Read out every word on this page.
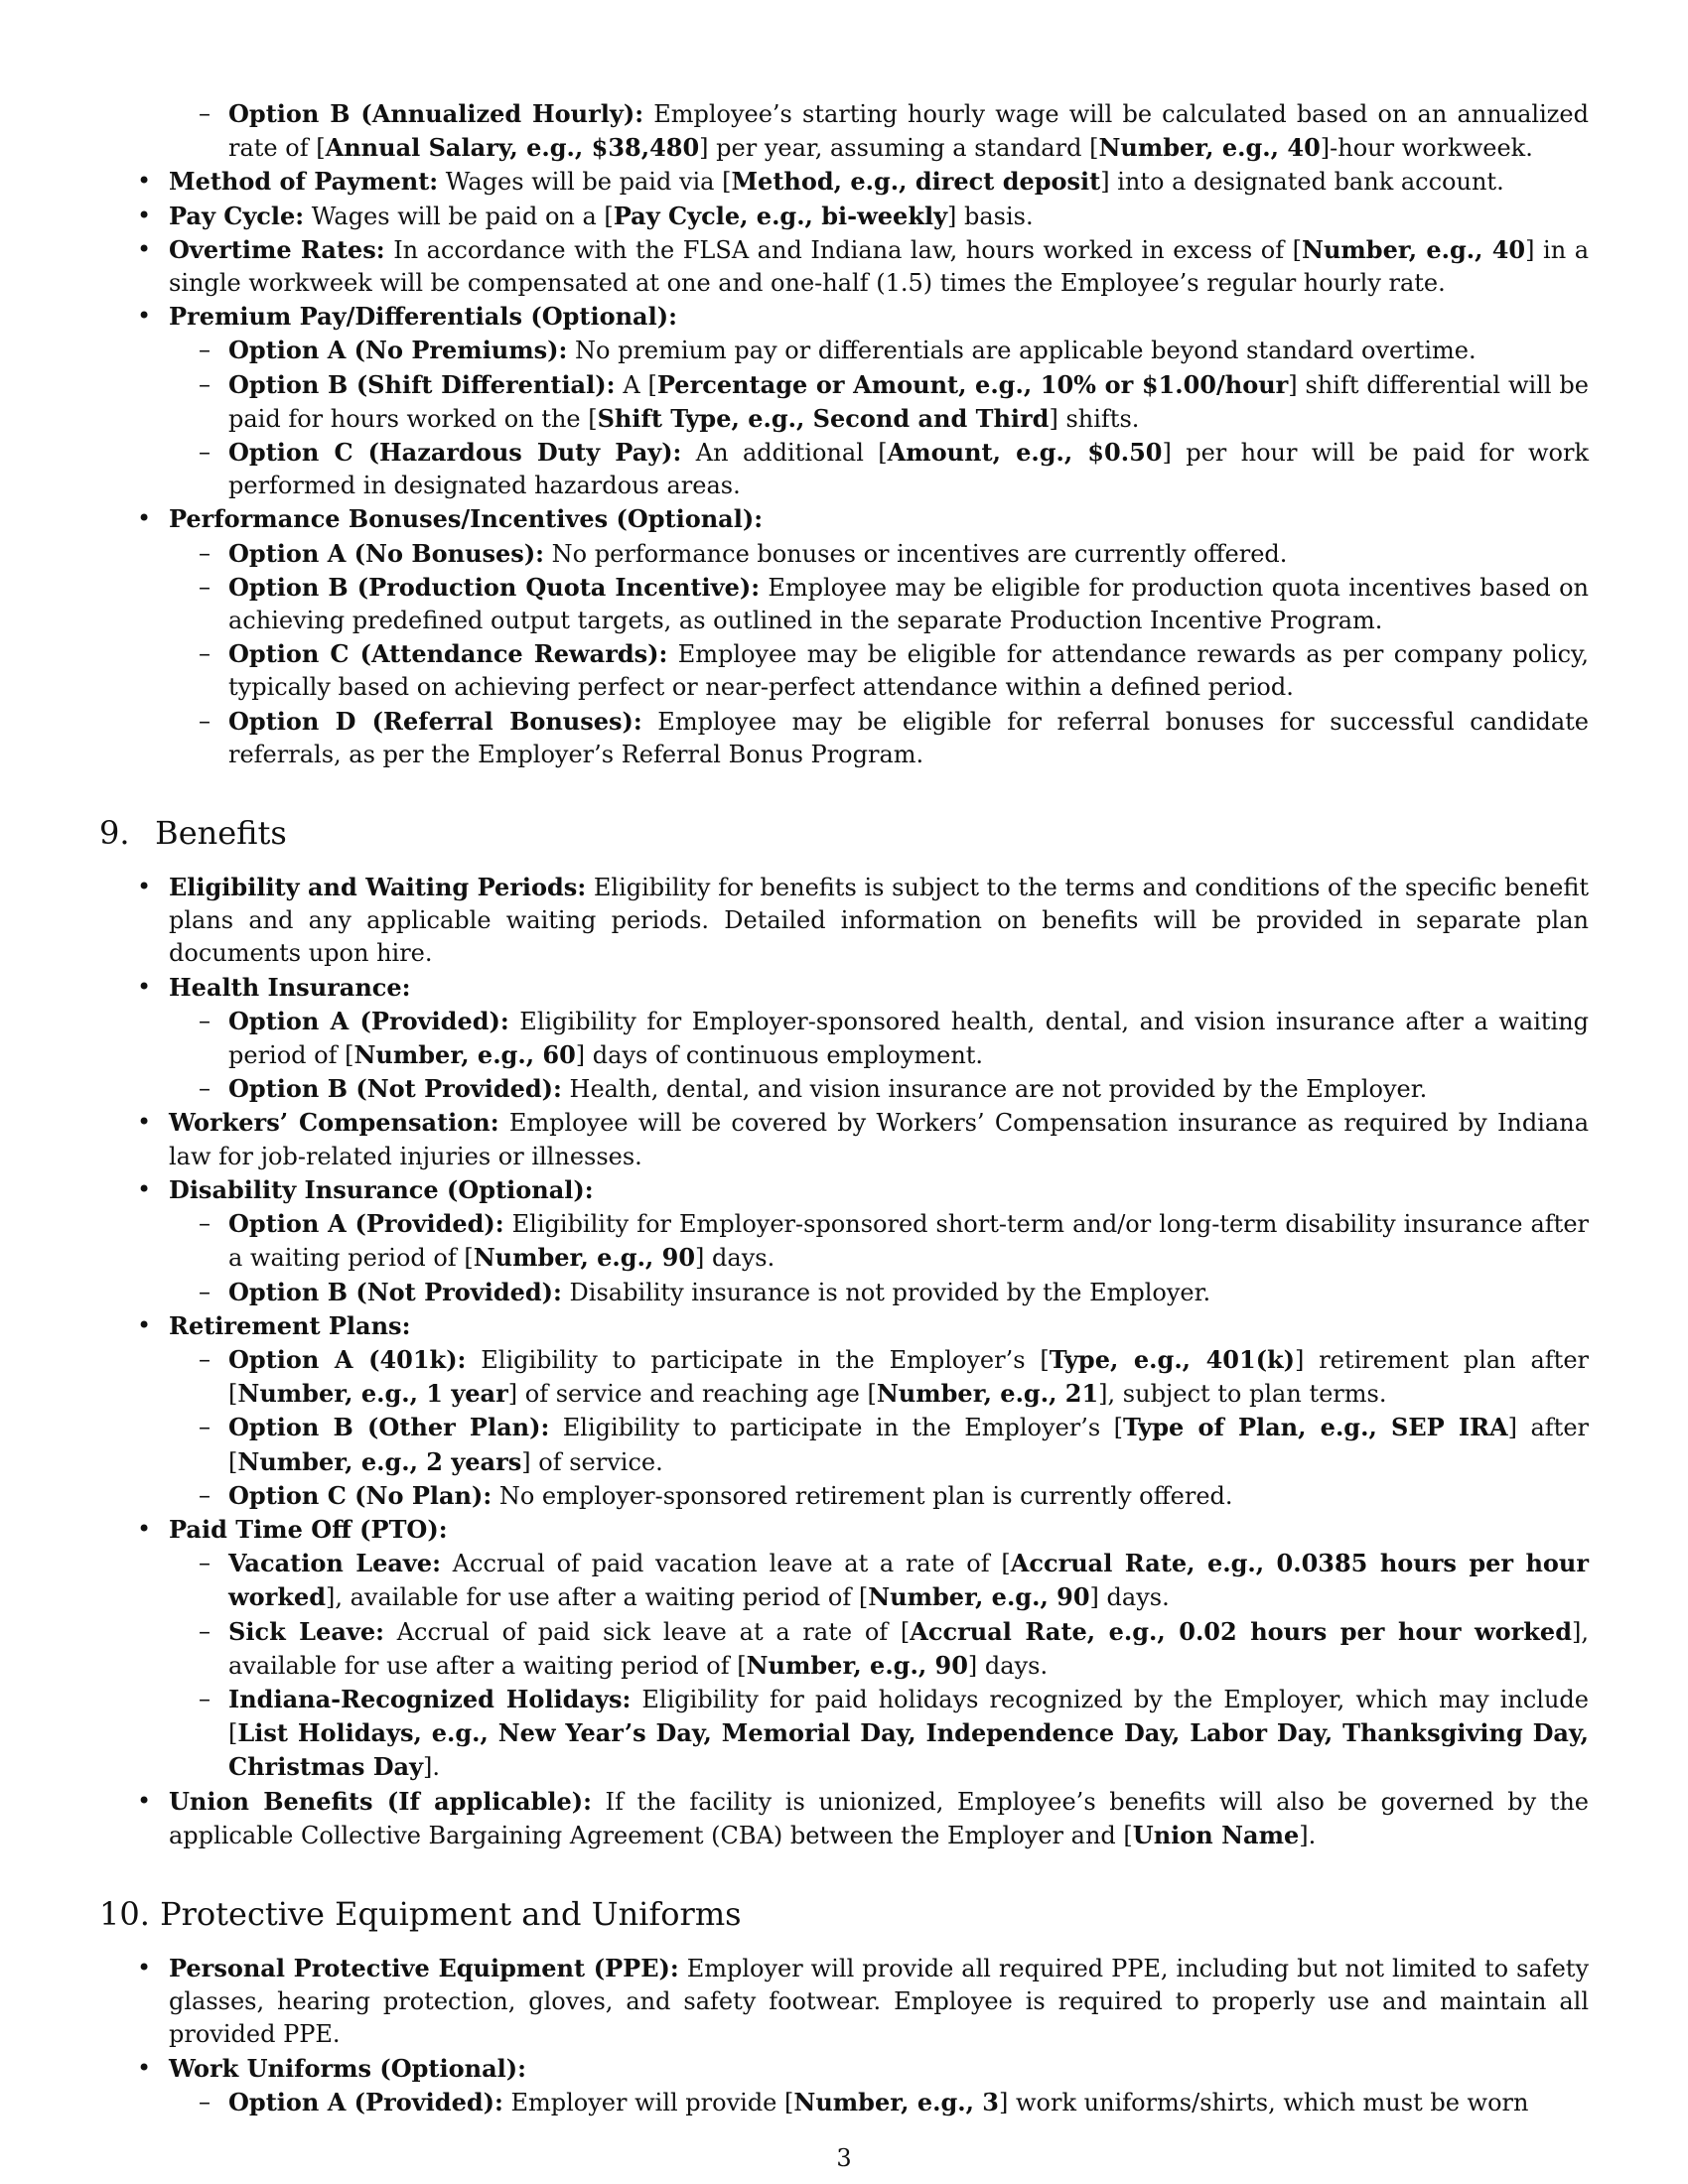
– Option B (Annualized Hourly): Employee’s starting hourly wage will be calculated based on an annualized rate of [Annual Salary, e.g., $38,480] per year, assuming a standard [Number, e.g., 40]-hour workweek.
• Method of Payment: Wages will be paid via [Method, e.g., direct deposit] into a designated bank account.
• Pay Cycle: Wages will be paid on a [Pay Cycle, e.g., bi-weekly] basis.
• Overtime Rates: In accordance with the FLSA and Indiana law, hours worked in excess of [Number, e.g., 40] in a single workweek will be compensated at one and one-half (1.5) times the Employee’s regular hourly rate.
• Premium Pay/Differentials (Optional):
– Option A (No Premiums): No premium pay or differentials are applicable beyond standard overtime.
– Option B (Shift Differential): A [Percentage or Amount, e.g., 10% or $1.00/hour] shift differential will be paid for hours worked on the [Shift Type, e.g., Second and Third] shifts.
– Option C (Hazardous Duty Pay): An additional [Amount, e.g., $0.50] per hour will be paid for work performed in designated hazardous areas.
• Performance Bonuses/Incentives (Optional):
– Option A (No Bonuses): No performance bonuses or incentives are currently offered.
– Option B (Production Quota Incentive): Employee may be eligible for production quota incentives based on achieving predefined output targets, as outlined in the separate Production Incentive Program.
– Option C (Attendance Rewards): Employee may be eligible for attendance rewards as per company policy, typically based on achieving perfect or near-perfect attendance within a defined period.
– Option D (Referral Bonuses): Employee may be eligible for referral bonuses for successful candidate referrals, as per the Employer’s Referral Bonus Program.
9. Benefits
• Eligibility and Waiting Periods: Eligibility for benefits is subject to the terms and conditions of the specific benefit plans and any applicable waiting periods. Detailed information on benefits will be provided in separate plan documents upon hire.
• Health Insurance:
– Option A (Provided): Eligibility for Employer-sponsored health, dental, and vision insurance after a waiting period of [Number, e.g., 60] days of continuous employment.
– Option B (Not Provided): Health, dental, and vision insurance are not provided by the Employer.
• Workers’ Compensation: Employee will be covered by Workers’ Compensation insurance as required by Indiana law for job-related injuries or illnesses.
• Disability Insurance (Optional):
– Option A (Provided): Eligibility for Employer-sponsored short-term and/or long-term disability insurance after a waiting period of [Number, e.g., 90] days.
– Option B (Not Provided): Disability insurance is not provided by the Employer.
• Retirement Plans:
– Option A (401k): Eligibility to participate in the Employer’s [Type, e.g., 401(k)] retirement plan after [Number, e.g., 1 year] of service and reaching age [Number, e.g., 21], subject to plan terms.
– Option B (Other Plan): Eligibility to participate in the Employer’s [Type of Plan, e.g., SEP IRA] after [Number, e.g., 2 years] of service.
– Option C (No Plan): No employer-sponsored retirement plan is currently offered.
• Paid Time Off (PTO):
– Vacation Leave: Accrual of paid vacation leave at a rate of [Accrual Rate, e.g., 0.0385 hours per hour worked], available for use after a waiting period of [Number, e.g., 90] days.
– Sick Leave: Accrual of paid sick leave at a rate of [Accrual Rate, e.g., 0.02 hours per hour worked], available for use after a waiting period of [Number, e.g., 90] days.
– Indiana-Recognized Holidays: Eligibility for paid holidays recognized by the Employer, which may include [List Holidays, e.g., New Year’s Day, Memorial Day, Independence Day, Labor Day, Thanksgiving Day, Christmas Day].
• Union Benefits (If applicable): If the facility is unionized, Employee’s benefits will also be governed by the applicable Collective Bargaining Agreement (CBA) between the Employer and [Union Name].
10. Protective Equipment and Uniforms
• Personal Protective Equipment (PPE): Employer will provide all required PPE, including but not limited to safety glasses, hearing protection, gloves, and safety footwear. Employee is required to properly use and maintain all provided PPE.
• Work Uniforms (Optional):
– Option A (Provided): Employer will provide [Number, e.g., 3] work uniforms/shirts, which must be worn
3
